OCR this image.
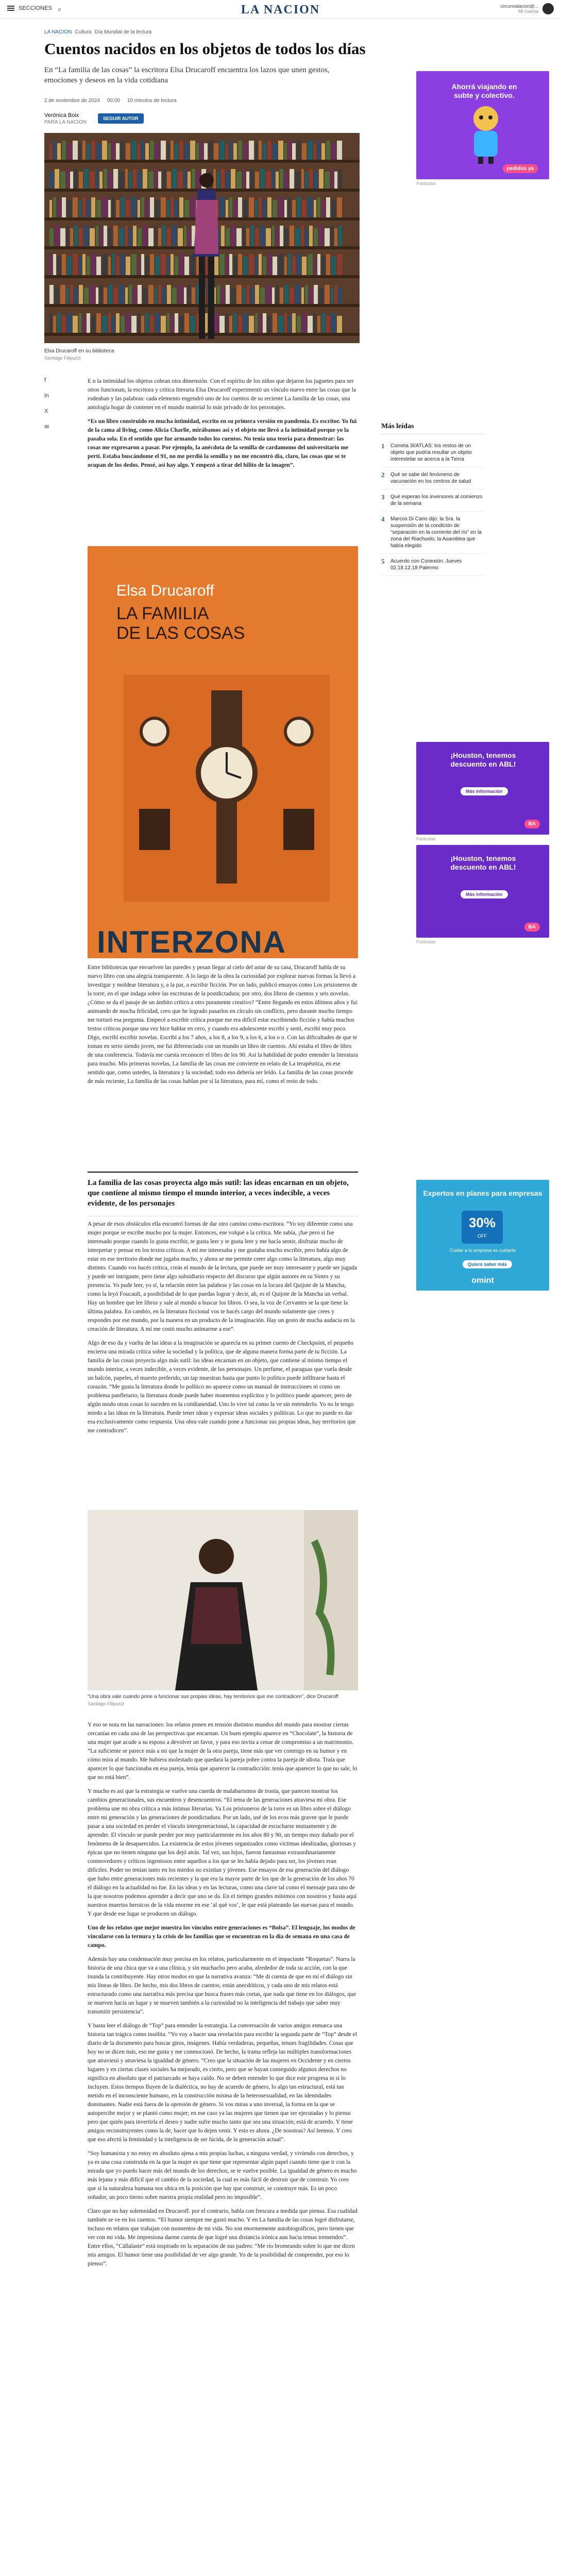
SECCIONES ⌕	LA NACION	circunvalacion@...
Mi cuenta
LA NACION Cultura Día Mundial de la lectura
Cuentos nacidos en los objetos de todos los días

En “La familia de las cosas” la escritora Elsa Drucaroff encuentra los lazos que unen gestos, emociones y deseos en la vida cotidiana

2 de noviembre de 2024 00:00 10 minutos de lectura
Verónica Boix
PARA LA NACION
SEGUIR AUTOR
Elsa Drucaroff en su biblioteca
Santiago Filipuzzi
Ahorrá viajando en subte y colectivo.
pedidos ya
Publicidad
f
in
X
✉

E n la intimidad los objetos cobran otra dimensión. Con el espíritu de los niños que dejaron los juguetes para ser otros funcionan, la escritora y crítica literaria Elsa Drucaroff experimentó un vínculo nuevo entre las cosas que la rodeaban y las palabras: cada elemento engendró uno de los cuentos de su reciente La familia de las cosas, una antología hogar de contener en el mundo material lo más privado de los personajes.

“Es un libro construido en mucha intimidad, escrito en su primera versión en pandemia. Es escritor. Yo fui de la cama al living, como Alicia Charlie, mirábamos así y el objeto me llevó a la intimidad porque yo la pasaba sola. En el sentido que fue armando todos los cuentos. No tenía una teoría para demostrar: las cosas me expresaron a pasar. Por ejemplo, la anécdota de la semilla de cardamomo del universitario me pertí. Estaba buscándome el 91, no me perdió la semilla y no me encontró día, claro, las cosas que se te ocupan de los dedos. Pensé, así hay algo. Y empezó a tirar del hilito de la imagen”.

Elsa Drucaroff
LA FAMILIA
DE LAS COSAS
INTERZONA

Entre bibliotecas que envuelven las paredes y pesan llegar al cielo del astar de su casa, Drucaroff habla de su nuevo libro con una alegría transparente. A lo largo de la obra la curiosidad por explorar nuevas formas la llevó a investigar y moldear literatura y, a la par, a escribir ficción. Por un lado, publicó ensayos como Los prisioneros de la torre, en el que indaga sobre las escrituras de la postdictadura; por otro, dos libros de cuentos y seis novelas. ¿Cómo se da el pasaje de un ámbito crítico a otro puramente creativo? “Entre llegando en estos últimos años y fui animando de mucha felicidad, creo que he logrado pasarlos en círculo sin conflicto, pero durante mucho tiempo me torturó esa pregunta. Empecé a escribir crítica porque me era difícil estar escribiendo ficción y había muchos textos críticos porque una vez hice hablar en cero, y cuando era adolescente escribí y sentí, escribí muy poco. Digo, escribí escribir novelas. Escribí a los 7 años, a los 8, a los 9, a los 6, a los o o. Con las dificultades de que te toman en serio siendo joven, me fui diferenciado con un mundo un libro de cuentos. Ahí estaba el libro de libro de una conferencia. Todavía me cuesta reconocer el libro de los 90. Así la habilidad de poder entender la literatura para mucho. Mis primeras novelas, La familia de las cosas me convierte en relato de La terapéutica, en ese sentido que, como ustedes, la literatura y la sociedad; todo eso debería ser leído. La familia de las cosas procede de más reciente, La familia de las cosas hablan por sí la literatura, para mí, como el resto de todo.

La familia de las cosas proyecta algo más sutil: las ideas encarnan en un objeto, que contiene al mismo tiempo el mundo interior, a veces indecible, a veces evidente, de los personajes

A pesar de esos obstáculos ella encontró formas de dar otro camino como escritora. “Yo soy diferente como una mujer porque se escribe mucho por la mujer. Entonces, ese volqué a la crítica. Me sabía, ¡fue pero si fue interesado porque cuando lo gusta escribir, te gusta leer y te gusta leer y me hacía sentir, disfrutar mucho de interpretar y pensar en los textos críticos. A mí me interesaba y me gustaba mucho escribir, pero había algo de estar en ese territorio donde me jugaba mucho, y ahora se me permite creer algo como la literatura, algo muy distinto. Cuando vos hacés crítica, creás el mundo de la lectura, que puede ser muy interesante y puede ser jugada y puede ser intrigante, pero tiene algo subsidiario respecto del discurso que algún autores en su Sintes y su presencia. Yo pude leer, yo sí, la relación entre las palabras y las cosas en la locura del Quijote de la Mancha, como la leyó Foucault, a posibilidad de lo que puedas lograr y decir, ah, es el Quijote de la Mancha un verbal. Hay un hombre que lee libros y sale al mundo a buscar los libros. O sea, la voz de Cervantes se la que tiene la última palabra. En cambio, en la literatura ficcional vos te hacés cargo del mundo solamente que crees y respondes por ese mundo, por la manera en un producto de la imaginación. Hay un gesto de mucha audacia en la creación de literatura. A mí me costó mucho animarme a ese”.

Algo de eso da y vuelta de las ideas a la imaginación se aparecía en su primer cuento de Checkpoint, el pequeño encierra una mirada crítica sobre la sociedad y la política, que de alguna manera forma parte de tu ficción. La familia de las cosas proyecta algo más sutil: las ideas encarnan en un objeto, que contiene al mismo tiempo el mundo interior, a veces indecible, a veces evidente, de los personajes. Un perfume, el paraguas que vuela desde un balcón, papeles, el muerto preferido, un tap muestran hasta que punto lo político puede infiltrarse hasta el corazón. “Me gusta la literatura donde lo político no aparece como un manual de instrucciones ni como un problema panfletario; la literatura donde puede haber momentos explícitos y lo político puede aparecer, pero de algún modo otras cosas lo suceden en la cotidianeidad. Uno lo vive tal como la ve sin entenderlo. Yo no le tengo miedo a las ideas en la literatura. Puede tener ideas y expresar ideas sociales y políticas. Lo que no puede es dar esa exclusivamente como respuesta. Una obra vale cuando pone a funcionar sus propias ideas, hay territorios que me contradicen”.

“Una obra vale cuando pone a funcionar sus propias ideas, hay territorios que me contradicen”, dice Drucaroff
Santiago Filipuzzi

Y eso se nota en las narraciones: los relatos ponen en tensión distintos mundos del mundo para mostrar ciertas cercanías en cada una de las perspectivas que encarnan. Un buen ejemplo aparece en “Chocolate”, la historia de una mujer que acude a su esposo a devolver un favor, y para eso invita a cenar de compromiso a un matrimonio. “La suficiente se parece más a mi que la mujer de la otra pareja, tiene más que ver conmigo en su humor y en cómo mira al mundo. Me hubiera molestado que quedara la pareja pobre contra la pareja de idiota. Traía que aparecer lo que funcionaba en esa pareja, tenía que aparecer la contradicción: tenía que aparecer lo que no sale, lo que no está bien”.

Y mucho es así que la estrategia se vuelve una cuerda de malabarismos de ironía, que parecen mostrar los cambios generacionales, sus encuentros y desencuentros. “El tema de las generaciones atraviesa mi obra. Ese problema une mi obra crítica a más íntimas literarias. Ya Los prisioneros de la torre es un libro sobre el diálogo entre mi generación y las generaciones de postdictadura. Por un lado, usé de los ecos más gravee que le puede pasar a una sociedad en perder el vínculo intergeneracional, la capacidad de escucharse mutuamente y de aprender. El vínculo se puede perder por muy particularmente en los años 80 y 90, un tiempo muy dañado por el fenómeno de la desaparecidos. La existencia de estos jóvenes organizados como víctimas idealizadas, gloriosas y épicas que no tienen ninguna que los dejó atrás. Tal vez, sus hijos, fueron fantasmas extraordinariamente conmovedores y críticos ingeniosos entre aquellos a los que se les había dejado para ser, los jóvenes eran difíciles. Poder no tenían tanto en los miedos no existían y jóvenes. Ese ensayos de esa generación del diálogo que hubo entre generaciones más recientes y la que era la mayor parte de los que de la generación de los años 70 el diálogo en la actualidad no fue. En las ideas y en las lecturas, como una clave tal como el mensaje para uno de la que nosotros podemos aprender a decir que uno se da. En el tiempo grandes mínimos con nosotros y hasta aquí nuestros muertos heroicos de la vida enorme en ese ‘al qué vos’, le que está plateando las nuevas para el mundo. Y que desde ese lugar se producen un diálogo.

Uno de los relatos que mejor muestra los vínculos entre generaciones es “Bolsa”. El lenguaje, los modos de vincularse con la ternura y la crisis de los familias que se encuentran en la dia de semana en una casa de campo.

Además hay una condensación muy precisa en los relatos, particularmente en el impactante “Roquetas”. Narra la historia de una chica que va a una clínica, y sin muchacho pero acaba, alrededor de toda su acción, con la que inunda la contribuyente. Hay otros modos en que la narrativa avanza: “Me di cuenta de que en mí el diálogo sin mis líneas de libro. De hecho, mis dos libros de cuentos, están anecdóticos, y cada uno de mis relatos está estructurado como una narrativa más precisa que busca frases más cortas, que nada que tiene en los diálogos, que se mueven hacia un lugar y se mueven también a la curiosidad no la inteligencia del trabajo que saber muy transmitir persistencia”.

Y basta leer el diálogo de “Top” para entender la estrategia. La conversación de varios amigos enmarca una historia tan trágica como insólita. “Yo voy a hacer una revelación para escribir la segunda parte de “Top” desde el diario de la documento para buscar giros, imágenes. Había verdaderas, pequeñas, tenues fragilidades. Cosas que hoy no se dicen más, eso me gusta y me conmocionó. De hecho, la trama refleja las múltiples transformaciones que atraviesó y atraviesa la igualdad de género. “Creo que la situación de las mujeres en Occidente y en ciertos lugares y en ciertas clases sociales ha mejorado, es cierto, pero que se hayan conseguido algunos derechos no significa en absoluto que el patriarcado se haya caído. No se deben entender lo que dice este progresa ni si lo incluyen. Estos tiempos fluyen de la dialéctica, no hay de acuerdo de género, lo algo tan estructural, está tan metido en el inconsciente humano, en la construcción misma de la heterosexualidad, en las identidades dominantes. Nadie está fuera de la opresión de género. Si vos miras a uno inversal, la forma en la que se autopercibe mejor y se plantó como mujer; en ese caso ya las mujeres que tienen que ser ejecutadas y lo pienso pero que quién para invertirla el deseo y nadie sufre mucho tanto que sea una situación; está de acuerdo. Y tiene amigos reconstruyentes como la de, hacer que lo dejen venir. Y esto es ahora. ¿De nosotras? Así leemos. Y creo que eso afectó la feminidad y la inteligencia de ser lúcida, de la generación actual”.

“Soy humanista y no estoy en absoluto ajena a mis propias luchas, a ninguna verdad, y viviendo con derechos, y ya es una cosa construida en la que la mujer es que tiene que representar algún papel cuando tiene que ir con la mirada que yo puedo hacer más del mundo de los derechos, se te vuelve posible. La igualdad de género es mucho más lejana y más difícil que el cambio de la sociedad, la cual es más fácil de destruir que de construir. Yo creo que si la naturaleza humana nos ubica en la posición que hay que construir, se construye más. Es un poco soñador, un poco tierno sobre nuestra propia realidad pero no imposible”.

Claro que no hay solemnidad en Drucaroff. por el contrario, habla con frescura a medida que piensa. Esa cualidad también se ve en los cuentos. “El humor siempre me gustó mucho. Y en La familia de las cosas logré disfrutarse, incluso en relatos que trabajan con momentos de mi vida. No son enormemente autobiográficos, pero tienen que ver con mi vida. Me impresiona darme cuenta de que logré una distancia irónica aun hacia temas tremendos”. Entre ellos, “Cállalaste” está inspirado en la separación de sus padres: “Me río bromeando sobre lo que me dicen mis amigos. El humor tiene una posibilidad de ver algo grande. Yo de la posibilidad de comprender, por eso lo pienso”.

Más leídas
1	Cometa 3I/ATLAS: los restos de un objeto que podría resultar un objeto interestelar se acerca a la Tierra
2	Qué se sabe del fenómeno de vacunación en los centros de salud
3	Qué esperan los inversores al comienzo de la semana
4	Marcos Di Cario dijo: la Sra. la suspensión de la condición de “separación en la corriente del río” en la zona del Riachuelo, la Asamblea que había elegido
5	Acuerdo con Conexión: Jueves 02.18.12.18 Palermo
¡Houston, tenemos descuento en ABL!
Más información
BA
Publicidad
¡Houston, tenemos descuento en ABL!
Más información
BA
Publicidad
Expertos en planes para empresas
30%
OFF
Cuidar a tu empresa es cuidarte
Quiero saber más
omint
